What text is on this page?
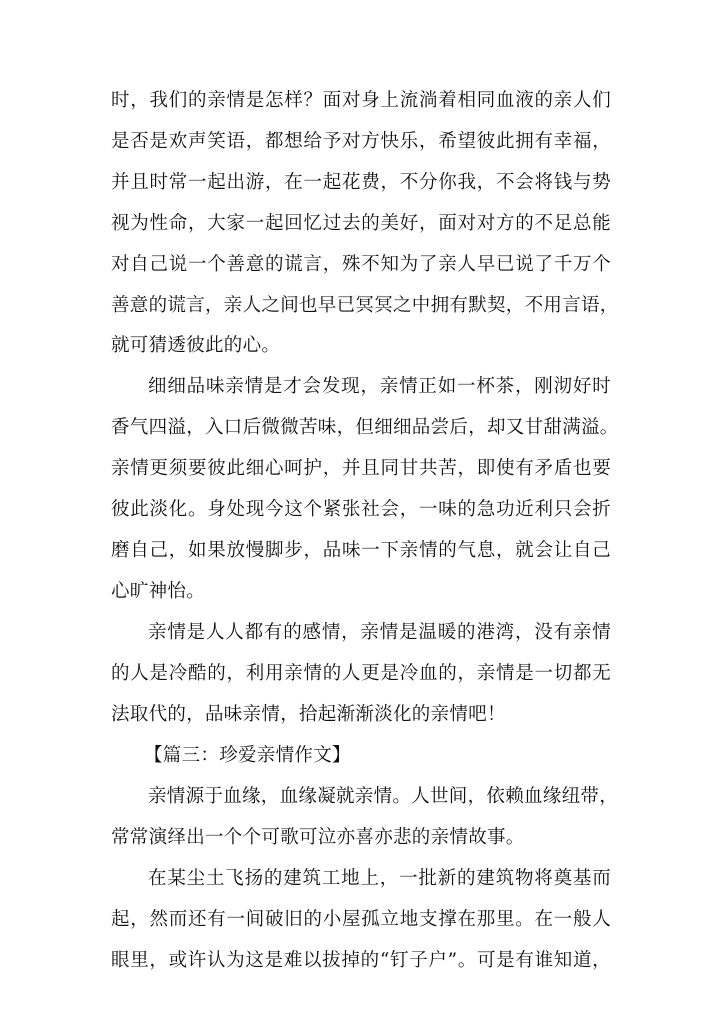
时，我们的亲情是怎样？面对身上流淌着相同血液的亲人们
是否是欢声笑语，都想给予对方快乐，希望彼此拥有幸福，
并且时常一起出游，在一起花费，不分你我，不会将钱与势
视为性命，大家一起回忆过去的美好，面对对方的不足总能
对自己说一个善意的谎言，殊不知为了亲人早已说了千万个
善意的谎言，亲人之间也早已冥冥之中拥有默契，不用言语，
就可猜透彼此的心。
细细品味亲情是才会发现，亲情正如一杯茶，刚沏好时
香气四溢，入口后微微苦味，但细细品尝后，却又甘甜满溢。
亲情更须要彼此细心呵护，并且同甘共苦，即使有矛盾也要
彼此淡化。身处现今这个紧张社会，一味的急功近利只会折
磨自己，如果放慢脚步，品味一下亲情的气息，就会让自己
心旷神怡。
亲情是人人都有的感情，亲情是温暖的港湾，没有亲情
的人是冷酷的，利用亲情的人更是冷血的，亲情是一切都无
法取代的，品味亲情，拾起渐渐淡化的亲情吧！
【篇三：珍爱亲情作文】
亲情源于血缘，血缘凝就亲情。人世间，依赖血缘纽带，
常常演绎出一个个可歌可泣亦喜亦悲的亲情故事。
在某尘土飞扬的建筑工地上，一批新的建筑物将奠基而
起，然而还有一间破旧的小屋孤立地支撑在那里。在一般人
眼里，或许认为这是难以拔掉的“钉子户”。可是有谁知道，
